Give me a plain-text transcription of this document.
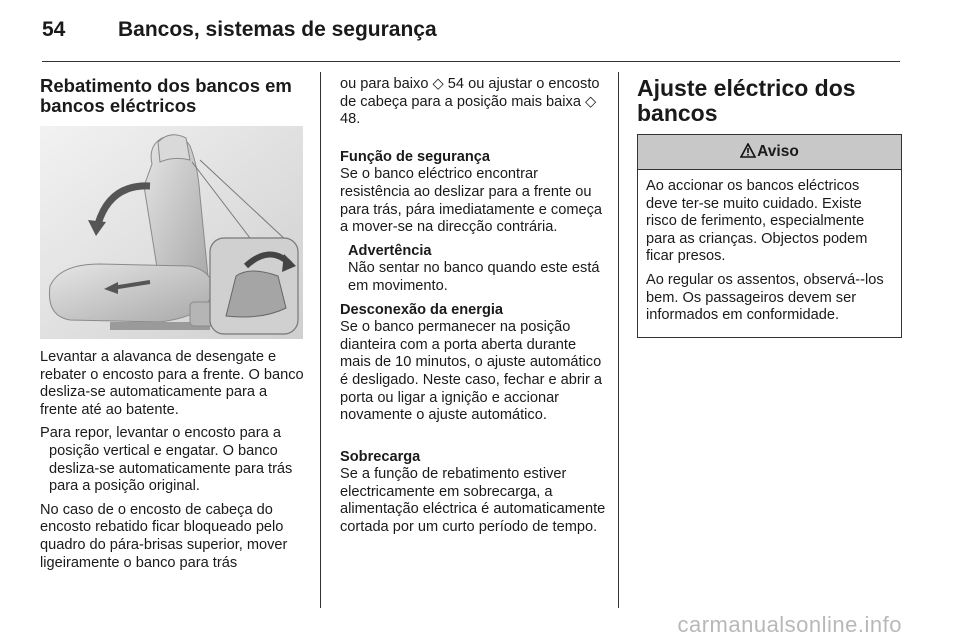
54	Bancos, sistemas de segurança
Rebatimento dos bancos em
bancos eléctricos

Levantar a alavanca de desengate e rebater o encosto para a frente. O banco desliza-se automaticamente para a frente até ao batente.

Para repor, levantar o encosto para a posição vertical e engatar. O banco desliza-se automaticamente para trás para a posição original.

No caso de o encosto de cabeça do encosto rebatido ficar bloqueado pelo quadro do pára-brisas superior, mover ligeiramente o banco para trás

ou para baixo ◇ 54 ou ajustar o encosto de cabeça para a posição mais baixa ◇ 48.

Função de segurança

Se o banco eléctrico encontrar resistência ao deslizar para a frente ou para trás, pára imediatamente e começa a mover-se na direcção contrária.

Advertência
Não sentar no banco quando este está em movimento.
Desconexão da energia

Se o banco permanecer na posição dianteira com a porta aberta durante mais de 10 minutos, o ajuste automático é desligado. Neste caso, fechar e abrir a porta ou ligar a ignição e accionar novamente o ajuste automático.

Sobrecarga

Se a função de rebatimento estiver electricamente em sobrecarga, a alimentação eléctrica é automaticamente cortada por um curto período de tempo.

Ajuste eléctrico dos
bancos
Aviso

Ao accionar os bancos eléctricos deve ter-se muito cuidado. Existe risco de ferimento, especialmente para as crianças. Objectos podem ficar presos.

Ao regular os assentos, observá--los bem. Os passageiros devem ser informados em conformidade.

carmanualsonline.info
